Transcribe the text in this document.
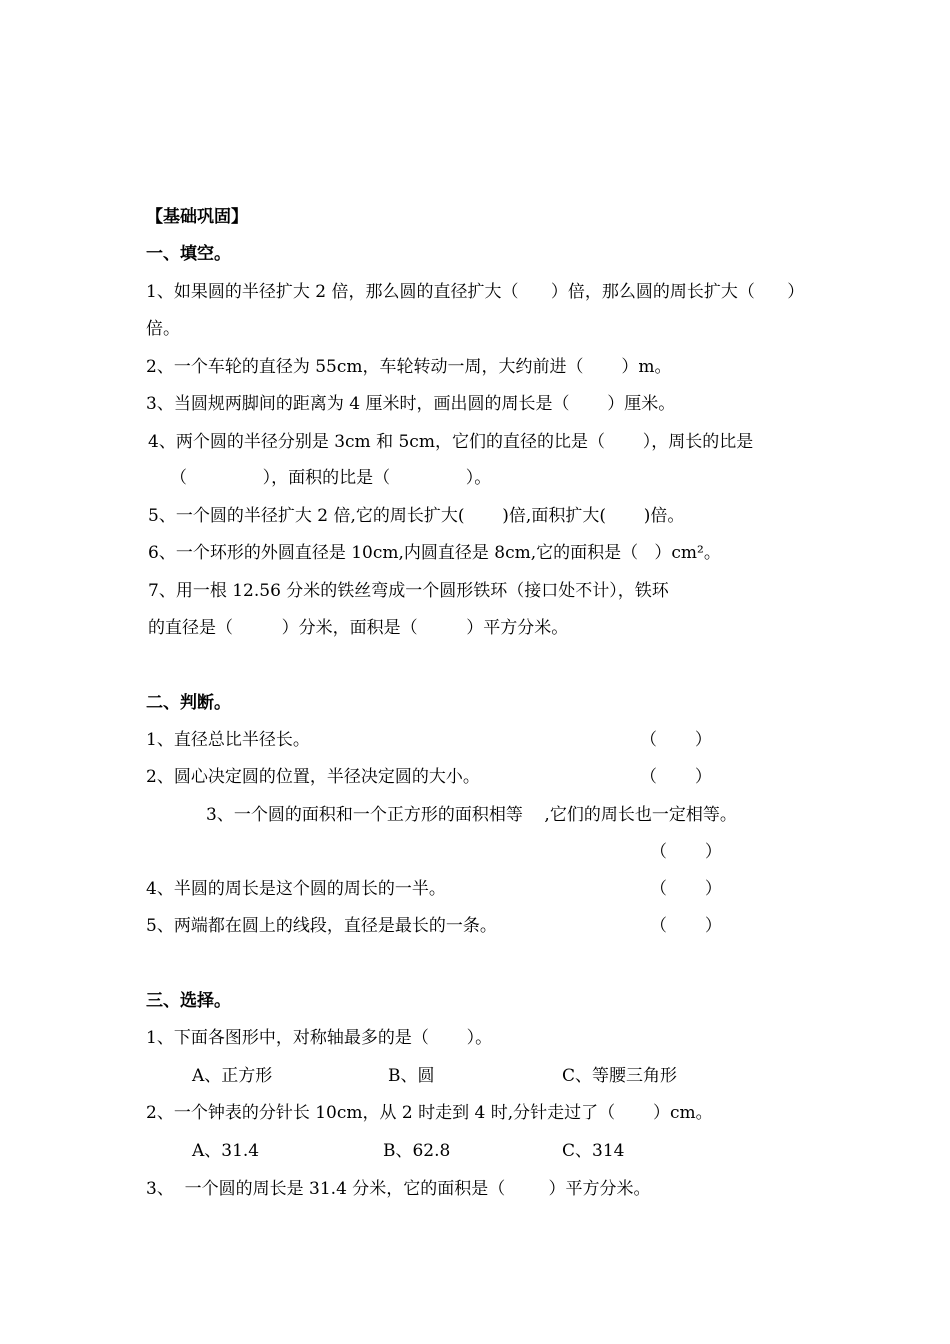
【基础巩固】
一、填空。
1、如果圆的半径扩大 2 倍，那么圆的直径扩大（      ）倍，那么圆的周长扩大（      ）
倍。
2、一个车轮的直径为 55cm，车轮转动一周，大约前进（       ）m。
3、当圆规两脚间的距离为 4 厘米时，画出圆的周长是（       ）厘米。
4、两个圆的半径分别是 3cm 和 5cm，它们的直径的比是（       ），周长的比是
（              ），面积的比是（              ）。
5、一个圆的半径扩大 2 倍,它的周长扩大(       )倍,面积扩大(       )倍。
6、一个环形的外圆直径是 10cm,内圆直径是 8cm,它的面积是（   ）cm²。
7、用一根 12.56 分米的铁丝弯成一个圆形铁环（接口处不计），铁环
的直径是（         ）分米，面积是（         ）平方分米。
二、判断。
1、直径总比半径长。	（       ）
2、圆心决定圆的位置，半径决定圆的大小。	（       ）
3、一个圆的面积和一个正方形的面积相等    ,它们的周长也一定相等。
（       ）
4、半圆的周长是这个圆的周长的一半。	（       ）
5、两端都在圆上的线段，直径是最长的一条。	（       ）
三、选择。
1、下面各图形中，对称轴最多的是（       ）。
A、正方形	B、圆	C、等腰三角形
2、一个钟表的分针长 10cm，从 2 时走到 4 时,分针走过了（       ）cm。
A、31.4	B、62.8	C、314
3、  一个圆的周长是 31.4 分米，它的面积是（        ）平方分米。
